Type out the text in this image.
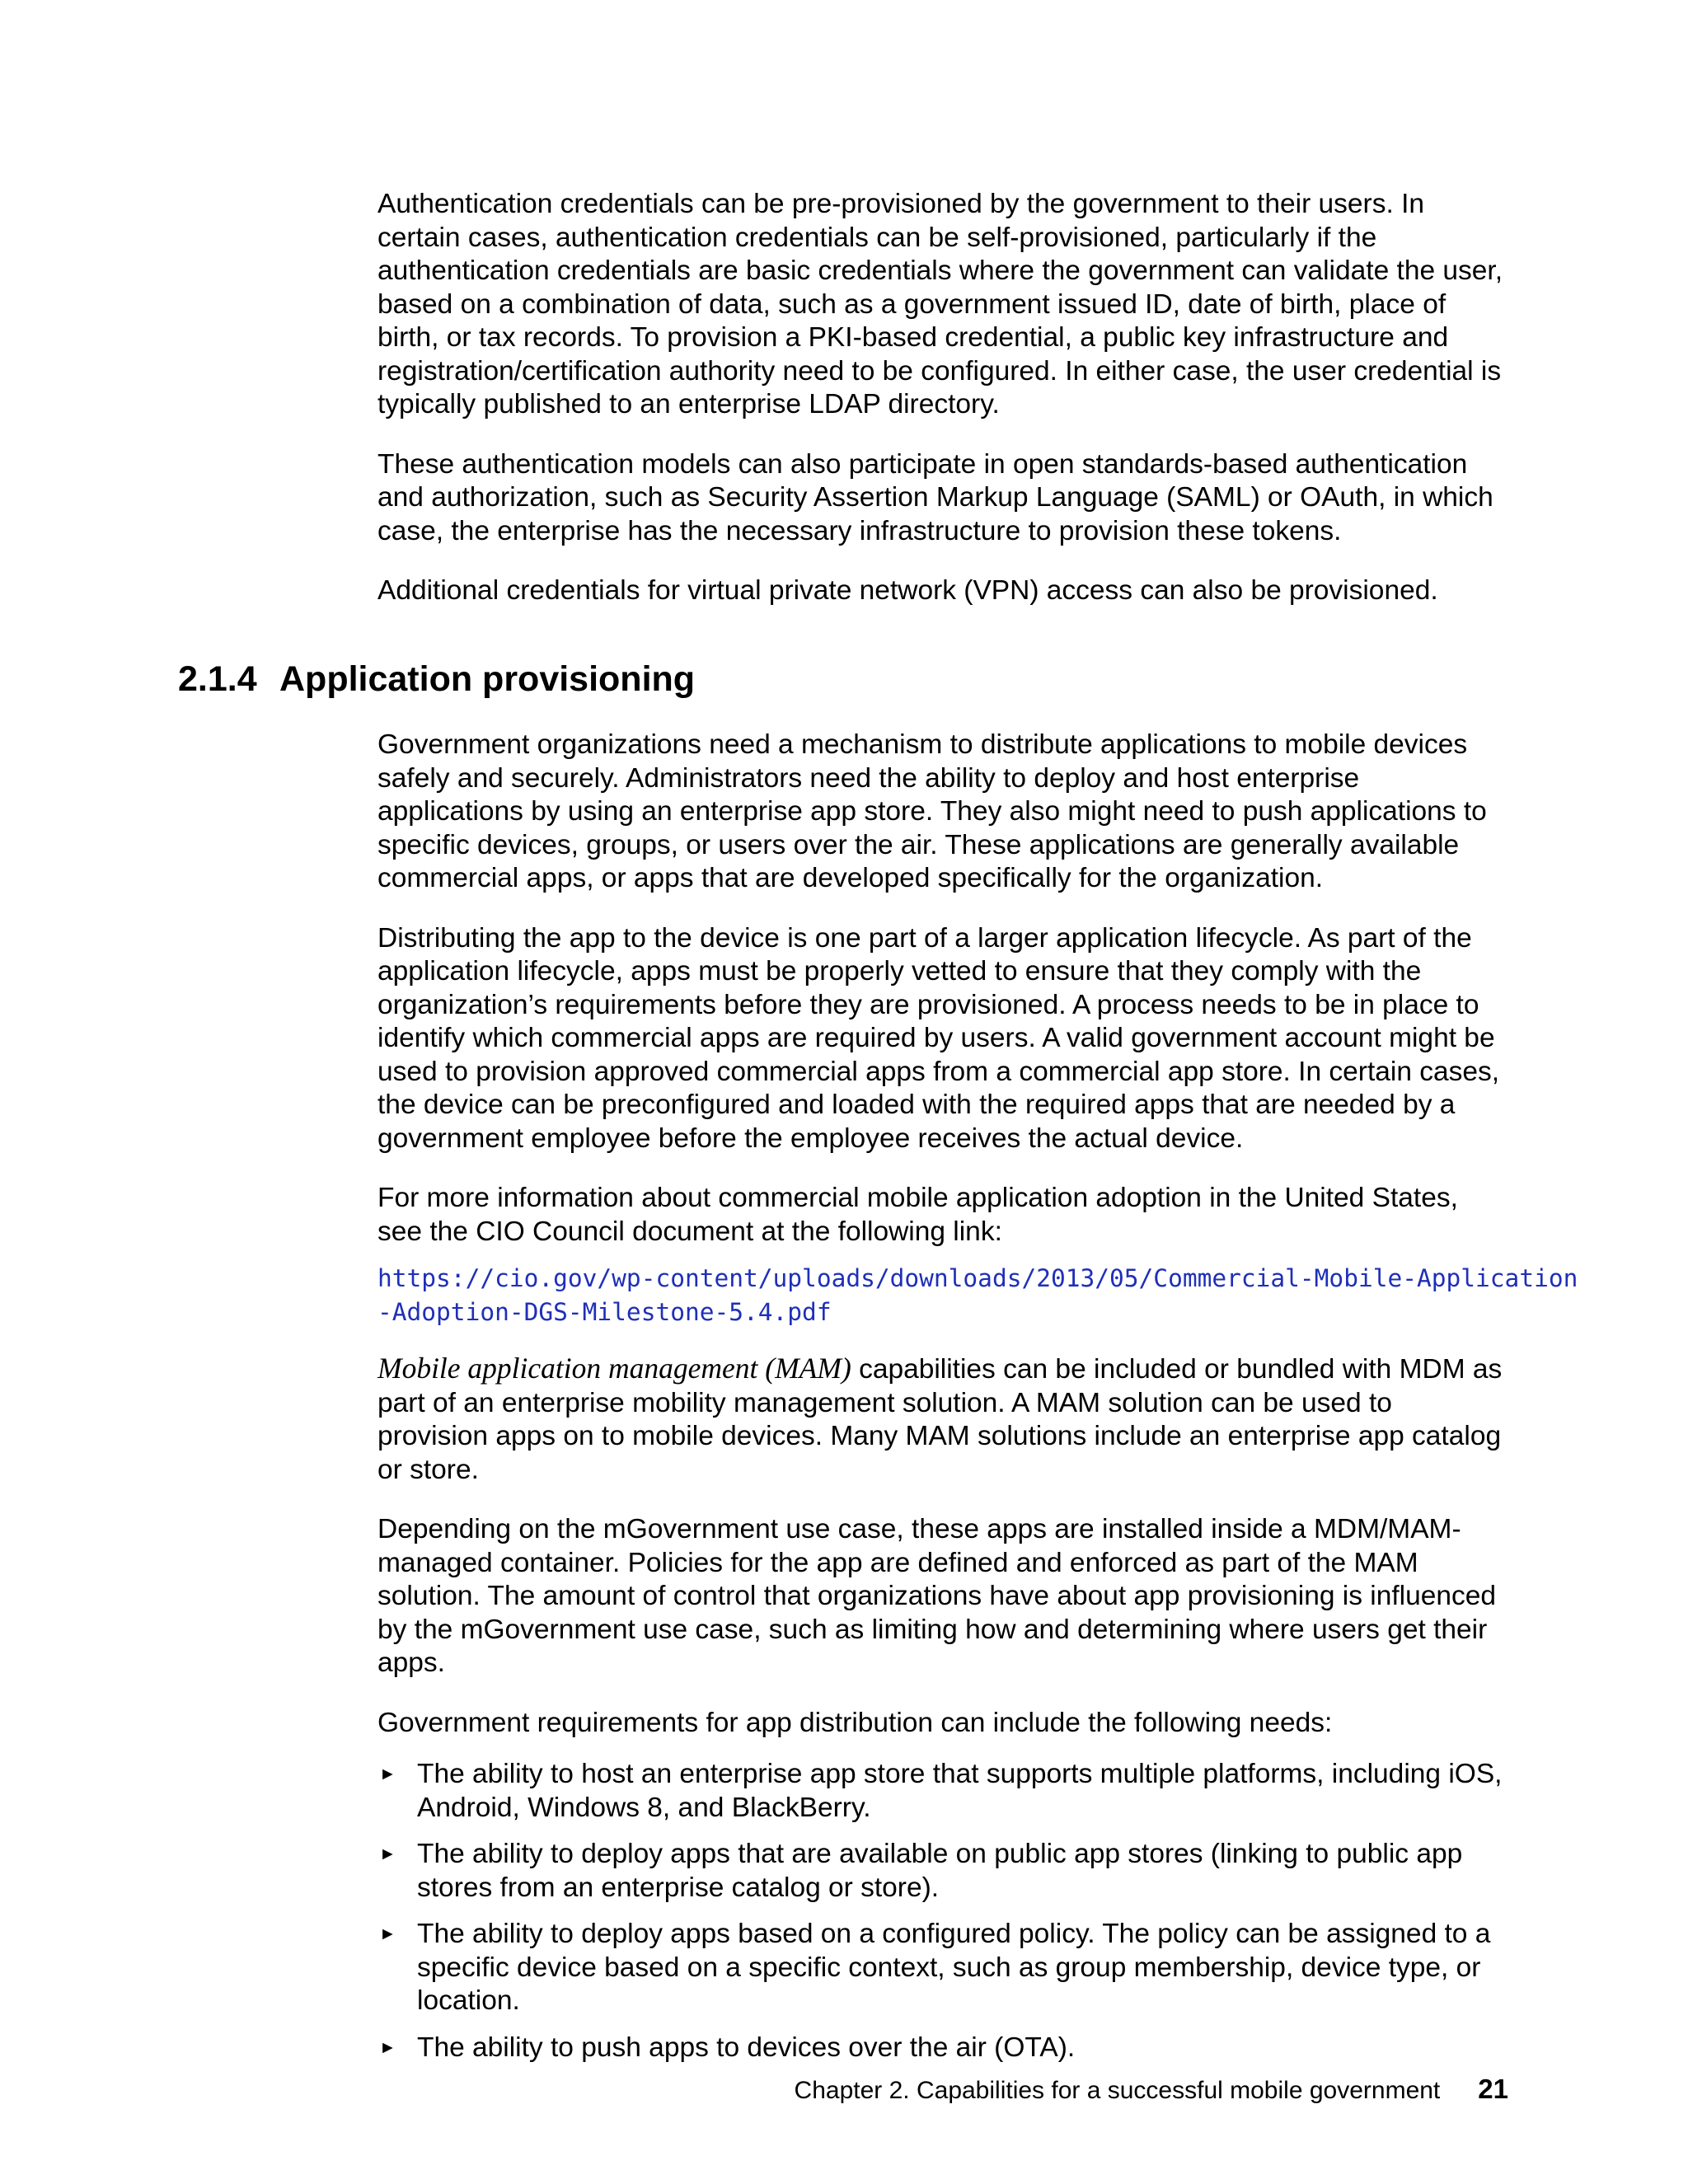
Authentication credentials can be pre-provisioned by the government to their users. In certain cases, authentication credentials can be self-provisioned, particularly if the authentication credentials are basic credentials where the government can validate the user, based on a combination of data, such as a government issued ID, date of birth, place of birth, or tax records. To provision a PKI-based credential, a public key infrastructure and registration/certification authority need to be configured. In either case, the user credential is typically published to an enterprise LDAP directory.

These authentication models can also participate in open standards-based authentication and authorization, such as Security Assertion Markup Language (SAML) or OAuth, in which case, the enterprise has the necessary infrastructure to provision these tokens.

Additional credentials for virtual private network (VPN) access can also be provisioned.

2.1.4 Application provisioning

Government organizations need a mechanism to distribute applications to mobile devices safely and securely. Administrators need the ability to deploy and host enterprise applications by using an enterprise app store. They also might need to push applications to specific devices, groups, or users over the air. These applications are generally available commercial apps, or apps that are developed specifically for the organization.

Distributing the app to the device is one part of a larger application lifecycle. As part of the application lifecycle, apps must be properly vetted to ensure that they comply with the organization’s requirements before they are provisioned. A process needs to be in place to identify which commercial apps are required by users. A valid government account might be used to provision approved commercial apps from a commercial app store. In certain cases, the device can be preconfigured and loaded with the required apps that are needed by a government employee before the employee receives the actual device.

For more information about commercial mobile application adoption in the United States, see the CIO Council document at the following link:

https://cio.gov/wp-content/uploads/downloads/2013/05/Commercial-Mobile-Application
-Adoption-DGS-Milestone-5.4.pdf

Mobile application management (MAM) capabilities can be included or bundled with MDM as part of an enterprise mobility management solution. A MAM solution can be used to provision apps on to mobile devices. Many MAM solutions include an enterprise app catalog or store.

Depending on the mGovernment use case, these apps are installed inside a MDM/MAM-managed container. Policies for the app are defined and enforced as part of the MAM solution. The amount of control that organizations have about app provisioning is influenced by the mGovernment use case, such as limiting how and determining where users get their apps.

Government requirements for app distribution can include the following needs:

► The ability to host an enterprise app store that supports multiple platforms, including iOS, Android, Windows 8, and BlackBerry.
► The ability to deploy apps that are available on public app stores (linking to public app stores from an enterprise catalog or store).
► The ability to deploy apps based on a configured policy. The policy can be assigned to a specific device based on a specific context, such as group membership, device type, or location.
► The ability to push apps to devices over the air (OTA).
Chapter 2. Capabilities for a successful mobile government 21
